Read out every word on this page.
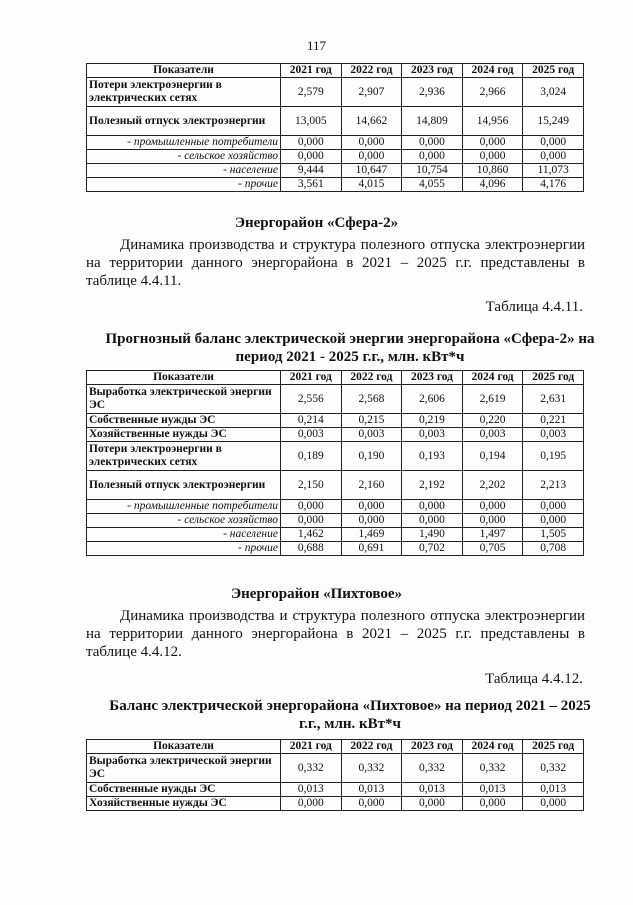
117
Показатели	2021 год	2022 год	2023 год	2024 год	2025 год
Потери электроэнергии в электрических сетях	2,579	2,907	2,936	2,966	3,024
Полезный отпуск электроэнергии	13,005	14,662	14,809	14,956	15,249
- промышленные потребители	0,000	0,000	0,000	0,000	0,000
- сельское хозяйство	0,000	0,000	0,000	0,000	0,000
- население	9,444	10,647	10,754	10,860	11,073
- прочие	3,561	4,015	4,055	4,096	4,176
Энергорайон «Сфера-2»
Динамика производства и структура полезного отпуска электроэнергии на территории данного энергорайона в 2021 – 2025 г.г. представлены в таблице 4.4.11.
Таблица 4.4.11.
Прогнозный баланс электрической энергии энергорайона «Сфера-2» на период 2021 - 2025 г.г., млн. кВт*ч
Показатели	2021 год	2022 год	2023 год	2024 год	2025 год
Выработка электрической энергии ЭС	2,556	2,568	2,606	2,619	2,631
Собственные нужды ЭС	0,214	0,215	0,219	0,220	0,221
Хозяйственные нужды ЭС	0,003	0,003	0,003	0,003	0,003
Потери электроэнергии в электрических сетях	0,189	0,190	0,193	0,194	0,195
Полезный отпуск электроэнергии	2,150	2,160	2,192	2,202	2,213
- промышленные потребители	0,000	0,000	0,000	0,000	0,000
- сельское хозяйство	0,000	0,000	0,000	0,000	0,000
- население	1,462	1,469	1,490	1,497	1,505
- прочие	0,688	0,691	0,702	0,705	0,708
Энергорайон «Пихтовое»
Динамика производства и структура полезного отпуска электроэнергии на территории данного энергорайона в 2021 – 2025 г.г. представлены в таблице 4.4.12.
Таблица 4.4.12.
Баланс электрической энергорайона «Пихтовое» на период 2021 – 2025 г.г., млн. кВт*ч
Показатели	2021 год	2022 год	2023 год	2024 год	2025 год
Выработка электрической энергии ЭС	0,332	0,332	0,332	0,332	0,332
Собственные нужды ЭС	0,013	0,013	0,013	0,013	0,013
Хозяйственные нужды ЭС	0,000	0,000	0,000	0,000	0,000
